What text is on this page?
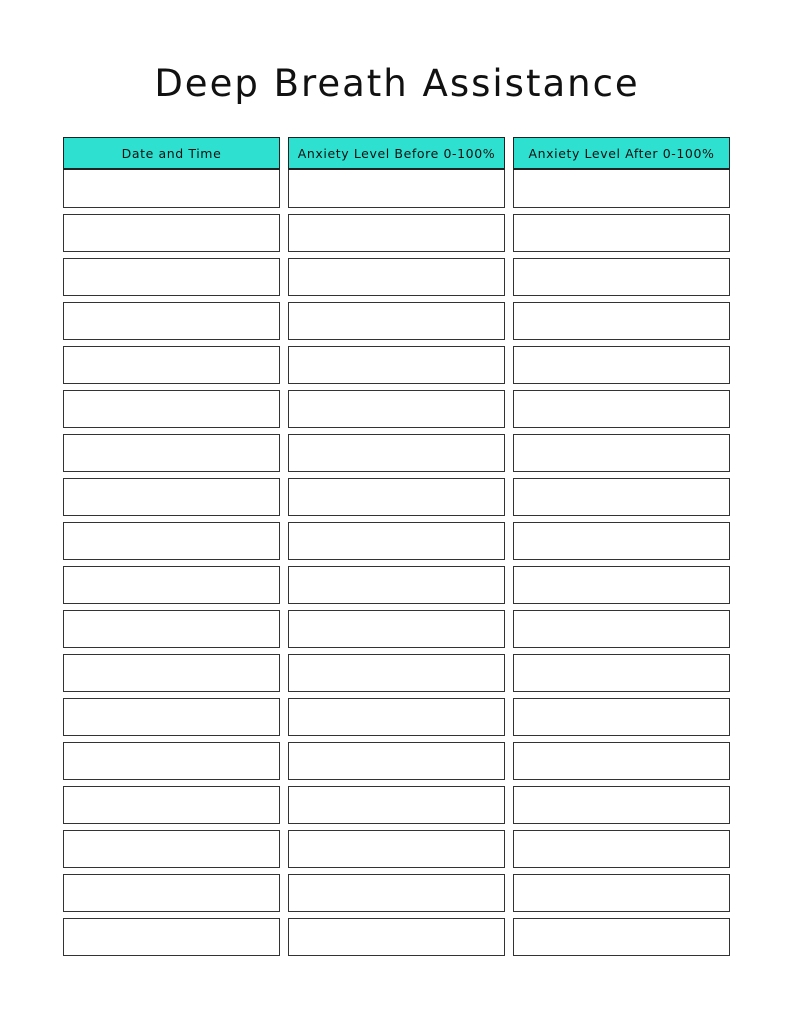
Deep Breath Assistance
Date and Time	Anxiety Level Before 0-100%	Anxiety Level After 0-100%
